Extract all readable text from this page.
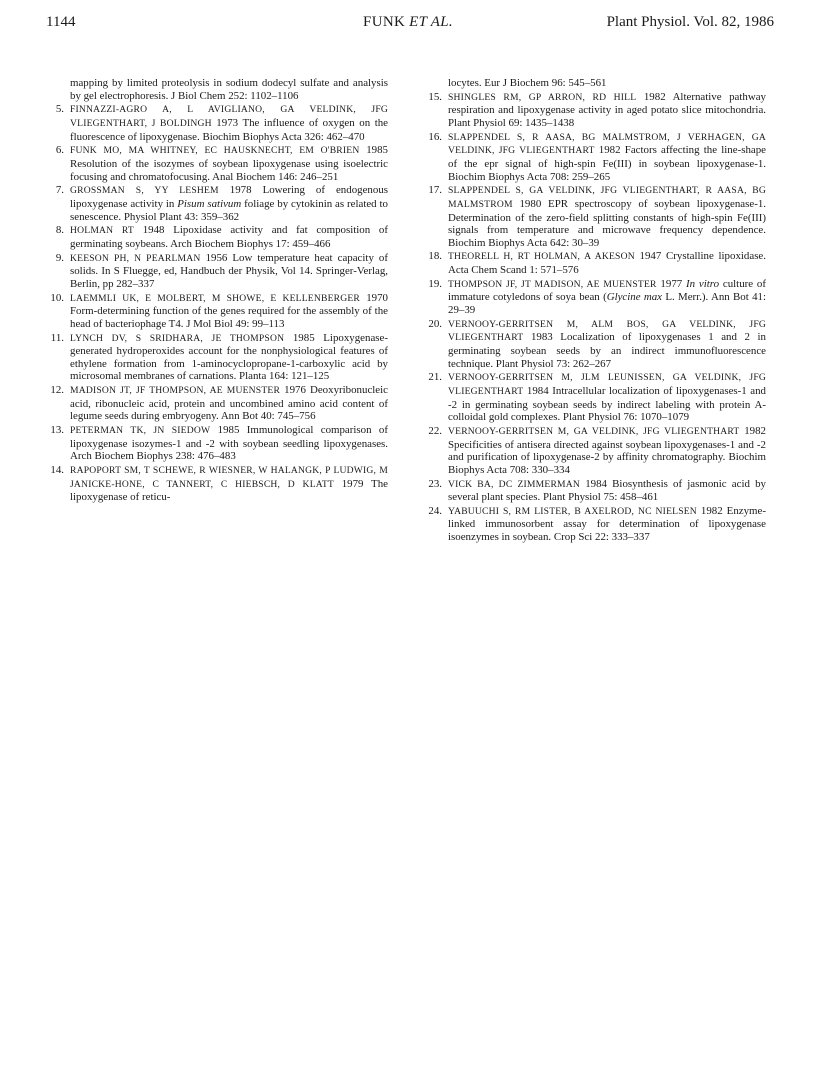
1144	FUNK ET AL.	Plant Physiol. Vol. 82, 1986
mapping by limited proteolysis in sodium dodecyl sulfate and analysis by gel electrophoresis. J Biol Chem 252: 1102–1106
5. FINNAZZI-AGRO A, L AVIGLIANO, GA VELDINK, JFG VLIEGENTHART, J BOLDINGH 1973 The influence of oxygen on the fluorescence of lipoxygenase. Biochim Biophys Acta 326: 462–470
6. FUNK MO, MA WHITNEY, EC HAUSKNECHT, EM O'BRIEN 1985 Resolution of the isozymes of soybean lipoxygenase using isoelectric focusing and chromatofocusing. Anal Biochem 146: 246–251
7. GROSSMAN S, YY LESHEM 1978 Lowering of endogenous lipoxygenase activity in Pisum sativum foliage by cytokinin as related to senescence. Physiol Plant 43: 359–362
8. HOLMAN RT 1948 Lipoxidase activity and fat composition of germinating soybeans. Arch Biochem Biophys 17: 459–466
9. KEESON PH, N PEARLMAN 1956 Low temperature heat capacity of solids. In S Fluegge, ed, Handbuch der Physik, Vol 14. Springer-Verlag, Berlin, pp 282–337
10. LAEMMLI UK, E MOLBERT, M SHOWE, E KELLENBERGER 1970 Form-determining function of the genes required for the assembly of the head of bacteriophage T4. J Mol Biol 49: 99–113
11. LYNCH DV, S SRIDHARA, JE THOMPSON 1985 Lipoxygenase-generated hydroperoxides account for the nonphysiological features of ethylene formation from 1-aminocyclopropane-1-carboxylic acid by microsomal membranes of carnations. Planta 164: 121–125
12. MADISON JT, JF THOMPSON, AE MUENSTER 1976 Deoxyribonucleic acid, ribonucleic acid, protein and uncombined amino acid content of legume seeds during embryogeny. Ann Bot 40: 745–756
13. PETERMAN TK, JN SIEDOW 1985 Immunological comparison of lipoxygenase isozymes-1 and -2 with soybean seedling lipoxygenases. Arch Biochem Biophys 238: 476–483
14. RAPOPORT SM, T SCHEWE, R WIESNER, W HALANGK, P LUDWIG, M JANICKE-HONE, C TANNERT, C HIEBSCH, D KLATT 1979 The lipoxygenase of reticu-
locytes. Eur J Biochem 96: 545–561
15. SHINGLES RM, GP ARRON, RD HILL 1982 Alternative pathway respiration and lipoxygenase activity in aged potato slice mitochondria. Plant Physiol 69: 1435–1438
16. SLAPPENDEL S, R AASA, BG MALMSTROM, J VERHAGEN, GA VELDINK, JFG VLIEGENTHART 1982 Factors affecting the line-shape of the epr signal of high-spin Fe(III) in soybean lipoxygenase-1. Biochim Biophys Acta 708: 259–265
17. SLAPPENDEL S, GA VELDINK, JFG VLIEGENTHART, R AASA, BG MALMSTROM 1980 EPR spectroscopy of soybean lipoxygenase-1. Determination of the zero-field splitting constants of high-spin Fe(III) signals from temperature and microwave frequency dependence. Biochim Biophys Acta 642: 30–39
18. THEORELL H, RT HOLMAN, A AKESON 1947 Crystalline lipoxidase. Acta Chem Scand 1: 571–576
19. THOMPSON JF, JT MADISON, AE MUENSTER 1977 In vitro culture of immature cotyledons of soya bean (Glycine max L. Merr.). Ann Bot 41: 29–39
20. VERNOOY-GERRITSEN M, ALM BOS, GA VELDINK, JFG VLIEGENTHART 1983 Localization of lipoxygenases 1 and 2 in germinating soybean seeds by an indirect immunofluorescence technique. Plant Physiol 73: 262–267
21. VERNOOY-GERRITSEN M, JLM LEUNISSEN, GA VELDINK, JFG VLIEGENTHART 1984 Intracellular localization of lipoxygenases-1 and -2 in germinating soybean seeds by indirect labeling with protein A-colloidal gold complexes. Plant Physiol 76: 1070–1079
22. VERNOOY-GERRITSEN M, GA VELDINK, JFG VLIEGENTHART 1982 Specificities of antisera directed against soybean lipoxygenases-1 and -2 and purification of lipoxygenase-2 by affinity chromatography. Biochim Biophys Acta 708: 330–334
23. VICK BA, DC ZIMMERMAN 1984 Biosynthesis of jasmonic acid by several plant species. Plant Physiol 75: 458–461
24. YABUUCHI S, RM LISTER, B AXELROD, NC NIELSEN 1982 Enzyme-linked immunosorbent assay for determination of lipoxygenase isoenzymes in soybean. Crop Sci 22: 333–337
